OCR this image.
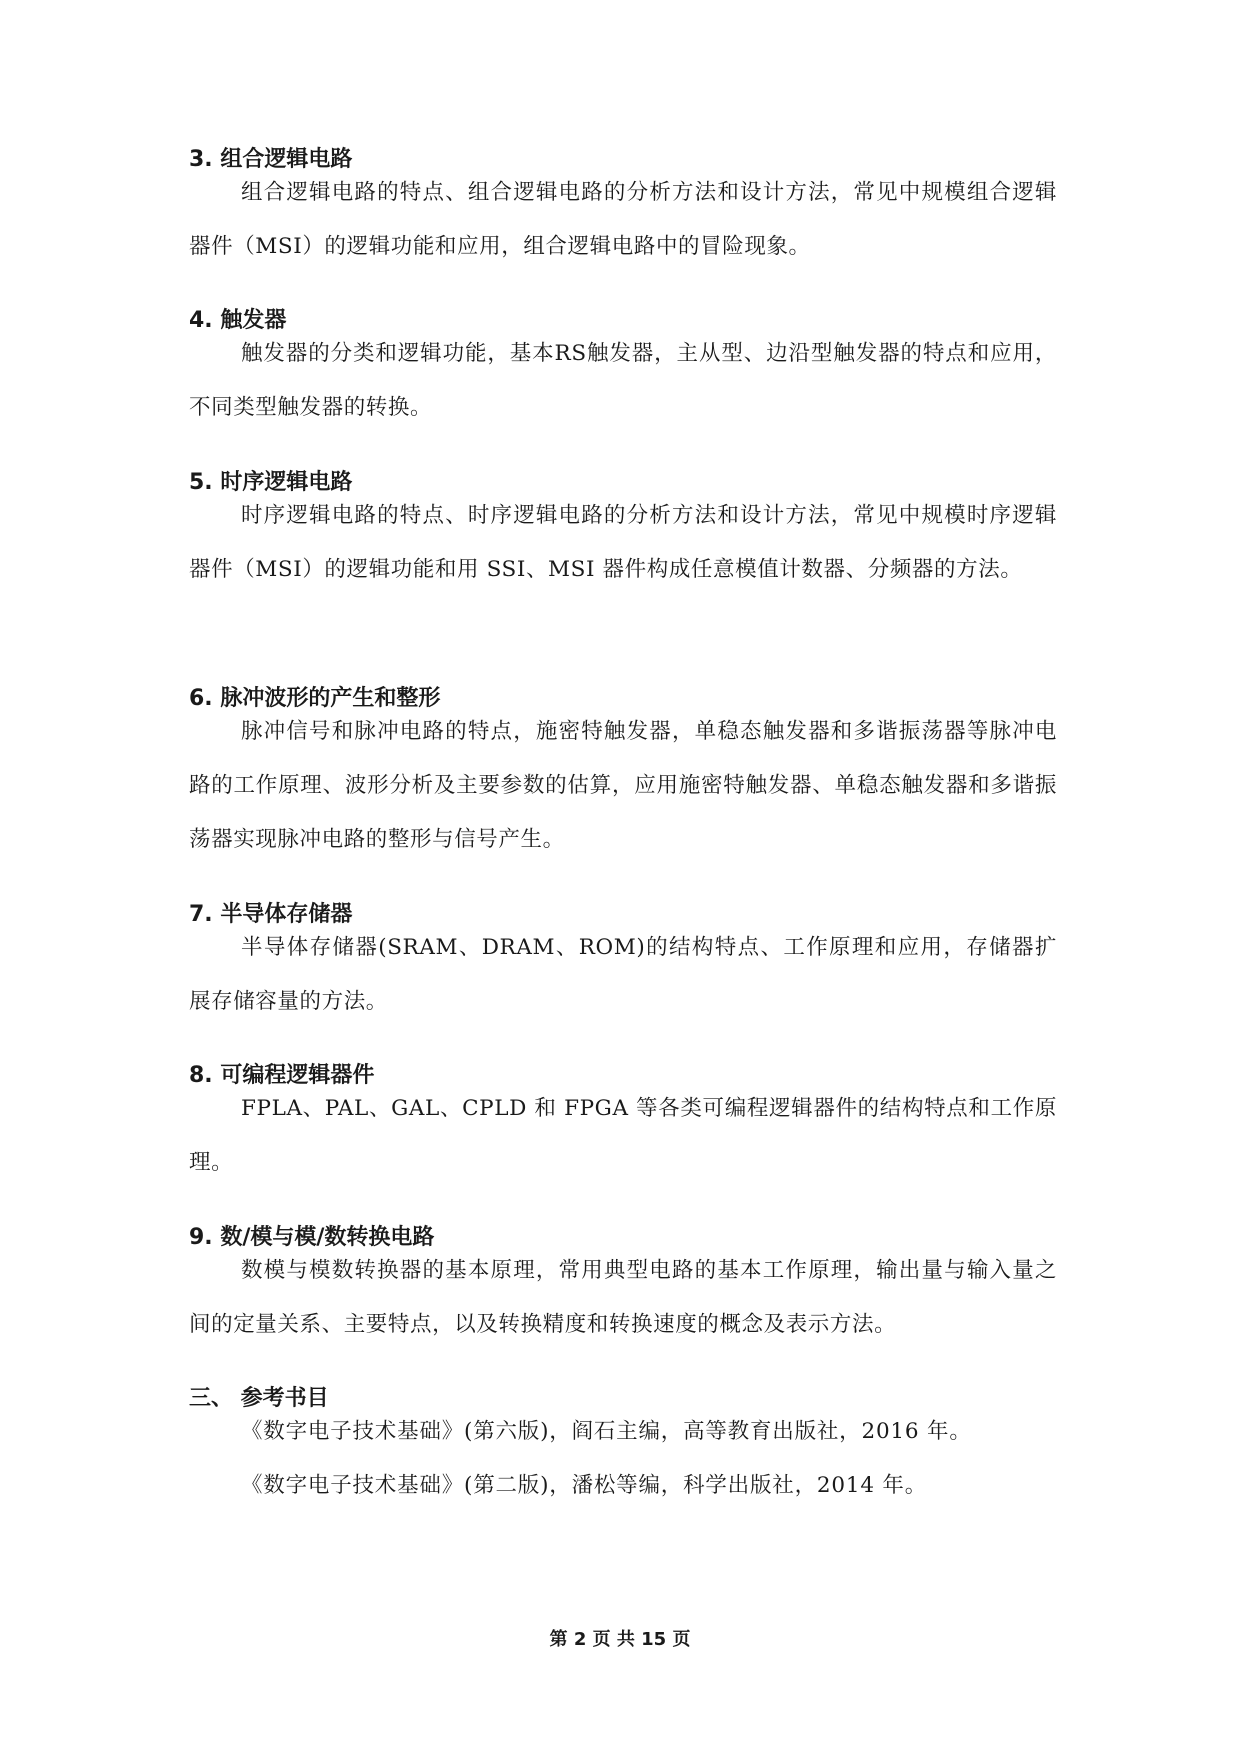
3. 组合逻辑电路
组合逻辑电路的特点、组合逻辑电路的分析方法和设计方法，常见中规模组合逻辑器件（MSI）的逻辑功能和应用，组合逻辑电路中的冒险现象。
4. 触发器
触发器的分类和逻辑功能，基本RS触发器，主从型、边沿型触发器的特点和应用，不同类型触发器的转换。
5. 时序逻辑电路
时序逻辑电路的特点、时序逻辑电路的分析方法和设计方法，常见中规模时序逻辑器件（MSI）的逻辑功能和用 SSI、MSI 器件构成任意模值计数器、分频器的方法。
6. 脉冲波形的产生和整形
脉冲信号和脉冲电路的特点，施密特触发器，单稳态触发器和多谐振荡器等脉冲电路的工作原理、波形分析及主要参数的估算，应用施密特触发器、单稳态触发器和多谐振荡器实现脉冲电路的整形与信号产生。
7. 半导体存储器
半导体存储器(SRAM、DRAM、ROM)的结构特点、工作原理和应用，存储器扩展存储容量的方法。
8. 可编程逻辑器件
FPLA、PAL、GAL、CPLD 和 FPGA 等各类可编程逻辑器件的结构特点和工作原理。
9. 数/模与模/数转换电路
数模与模数转换器的基本原理，常用典型电路的基本工作原理，输出量与输入量之间的定量关系、主要特点，以及转换精度和转换速度的概念及表示方法。
三、 参考书目
《数字电子技术基础》(第六版)，阎石主编，高等教育出版社，2016 年。
《数字电子技术基础》(第二版)，潘松等编，科学出版社，2014 年。
第 2 页 共 15 页
